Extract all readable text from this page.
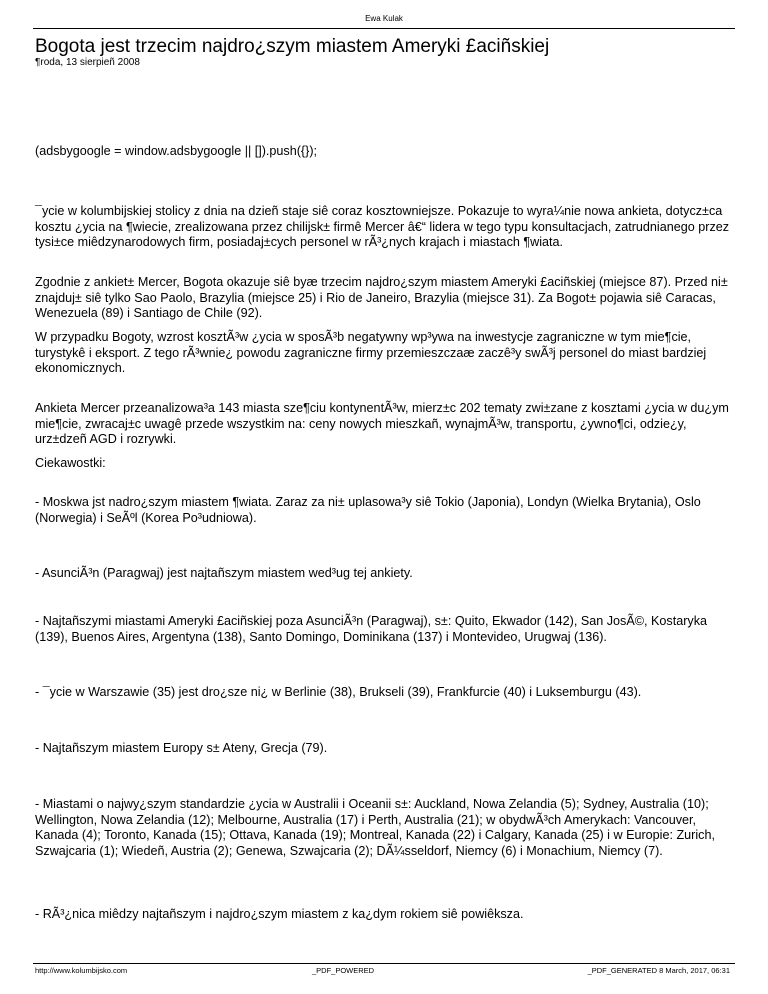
Ewa Kulak
Bogota jest trzecim najdro¿szym miastem Ameryki £aciñskiej
¶roda, 13 sierpieñ 2008

(adsbygoogle = window.adsbygoogle || []).push({});

¯ycie w kolumbijskiej stolicy z dnia na dzieñ staje siê coraz kosztowniejsze. Pokazuje to wyra¼nie nowa ankieta, dotycz±ca kosztu ¿ycia na ¶wiecie, zrealizowana przez chilijsk± firmê Mercer â€“ lidera w tego typu konsultacjach, zatrudnianego przez tysi±ce miêdzynarodowych firm, posiadaj±cych personel w rÃ³¿nych krajach i miastach ¶wiata.

Zgodnie z ankiet± Mercer, Bogota okazuje siê byæ trzecim najdro¿szym miastem Ameryki £aciñskiej (miejsce 87). Przed ni± znajduj± siê tylko Sao Paolo, Brazylia (miejsce 25) i Rio de Janeiro, Brazylia (miejsce 31). Za Bogot± pojawia siê Caracas, Wenezuela (89) i Santiago de Chile (92).

W przypadku Bogoty, wzrost kosztÃ³w ¿ycia w sposÃ³b negatywny wp³ywa na inwestycje zagraniczne w tym mie¶cie, turystykê i eksport. Z tego rÃ³wnie¿ powodu zagraniczne firmy przemieszczaæ zaczê³y swÃ³j personel do miast bardziej ekonomicznych.

Ankieta Mercer przeanalizowa³a 143 miasta sze¶ciu kontynentÃ³w, mierz±c 202 tematy zwi±zane z kosztami ¿ycia w du¿ym mie¶cie, zwracaj±c uwagê przede wszystkim na: ceny nowych mieszkañ, wynajmÃ³w, transportu, ¿ywno¶ci, odzie¿y, urz±dzeñ AGD i rozrywki.

Ciekawostki:

- Moskwa jst nadro¿szym miastem ¶wiata. Zaraz za ni± uplasowa³y siê Tokio (Japonia), Londyn (Wielka Brytania), Oslo (Norwegia) i SeÃºl (Korea Po³udniowa).

- AsunciÃ³n (Paragwaj) jest najtañszym miastem wed³ug tej ankiety.

- Najtañszymi miastami Ameryki £aciñskiej poza AsunciÃ³n (Paragwaj), s±: Quito, Ekwador (142), San JosÃ©, Kostaryka (139), Buenos Aires, Argentyna (138), Santo Domingo, Dominikana (137) i Montevideo, Urugwaj (136).

- ¯ycie w Warszawie (35) jest dro¿sze ni¿ w Berlinie (38), Brukseli (39), Frankfurcie (40) i Luksemburgu (43).

- Najtañszym miastem Europy s± Ateny, Grecja (79).

- Miastami o najwy¿szym standardzie ¿ycia w Australii i Oceanii s±: Auckland, Nowa Zelandia (5); Sydney, Australia (10); Wellington, Nowa Zelandia (12); Melbourne, Australia (17) i Perth, Australia (21); w obydwÃ³ch Amerykach: Vancouver, Kanada (4); Toronto, Kanada (15); Ottava, Kanada (19); Montreal, Kanada (22) i Calgary, Kanada (25) i w Europie: Zurich, Szwajcaria (1); Wiedeñ, Austria (2); Genewa, Szwajcaria (2); DÃ¼sseldorf, Niemcy (6) i Monachium, Niemcy (7).

- RÃ³¿nica miêdzy najtañszym i najdro¿szym miastem z ka¿dym rokiem siê powiêksza.

http://www.kolumbijsko.com	_PDF_POWERED	_PDF_GENERATED 8 March, 2017, 06:31
